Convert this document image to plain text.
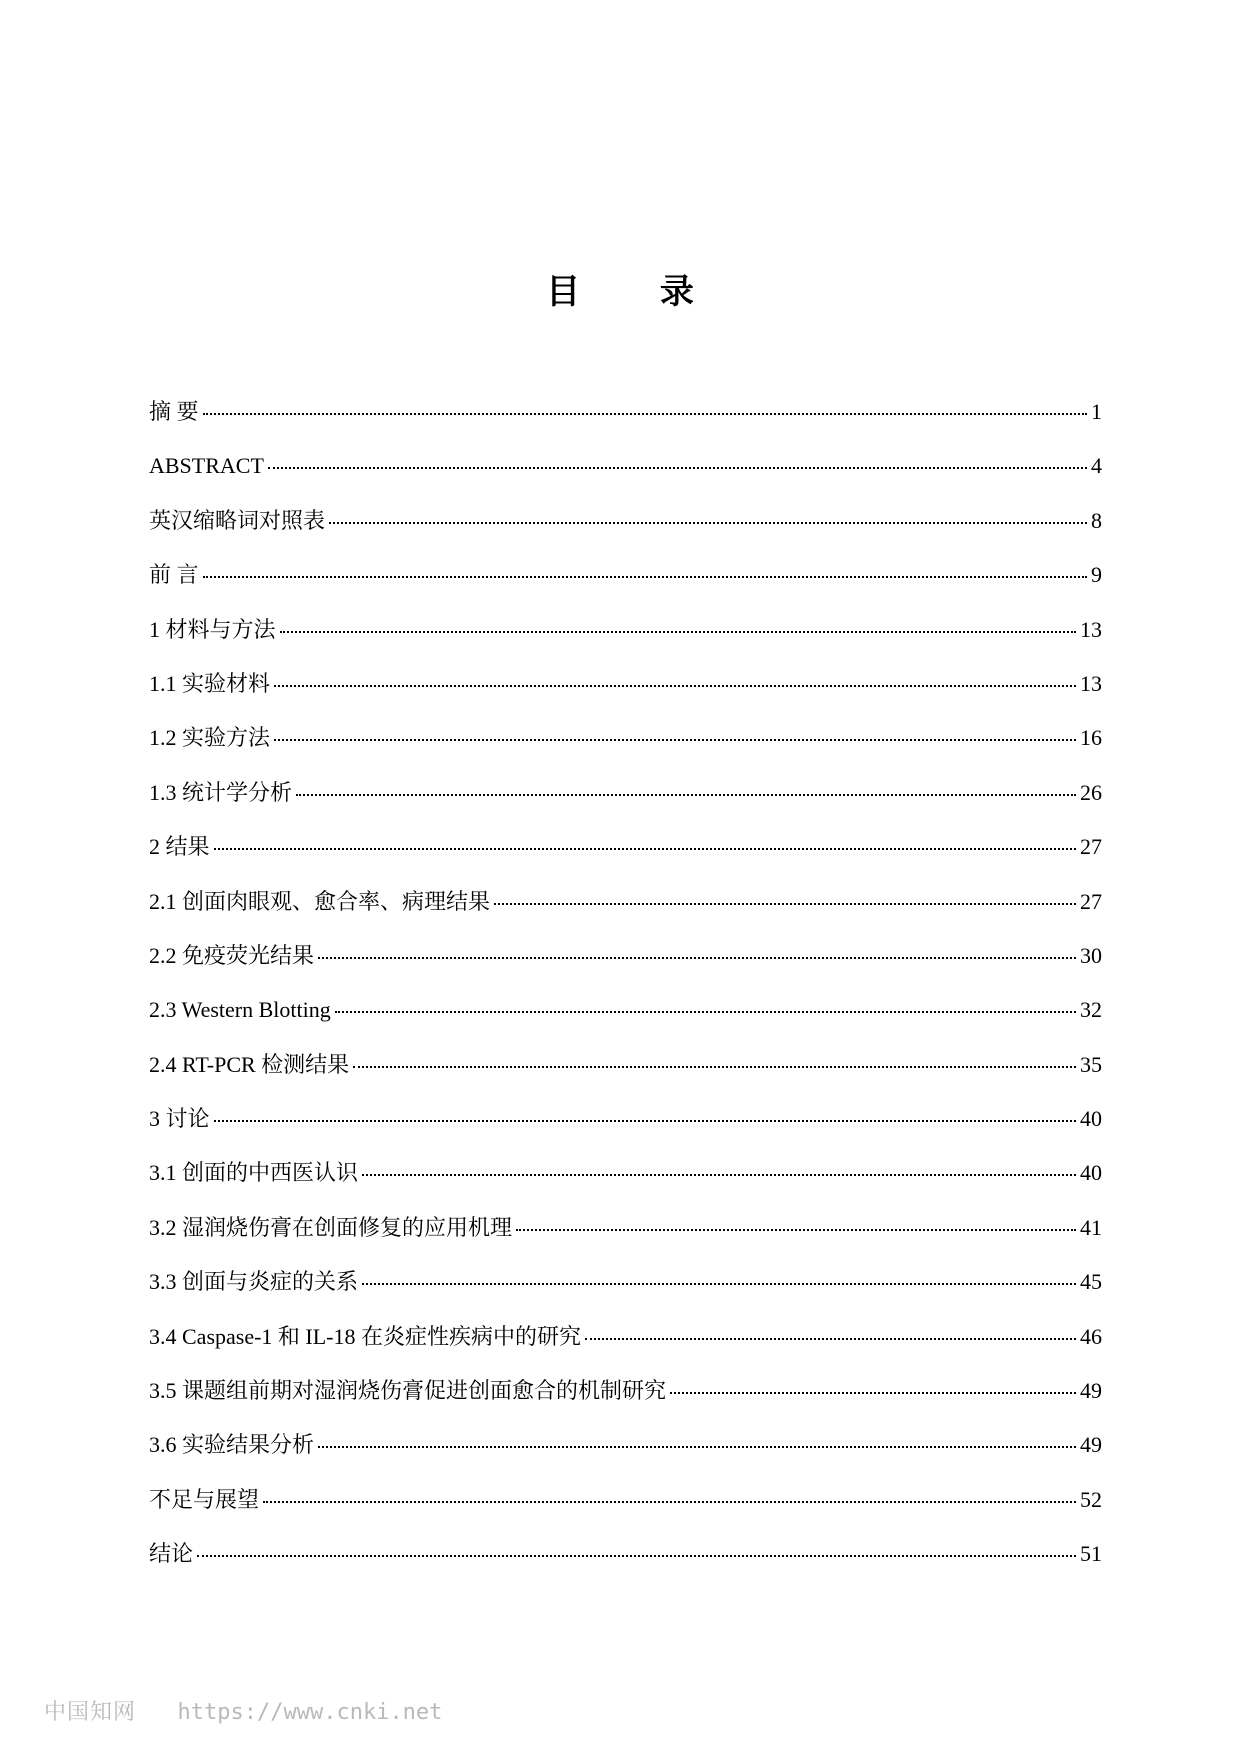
目 录
摘 要	1
ABSTRACT	4
英汉缩略词对照表	8
前 言	9
1 材料与方法	13
1.1 实验材料	13
1.2 实验方法	16
1.3 统计学分析	26
2 结果	27
2.1 创面肉眼观、愈合率、病理结果	27
2.2 免疫荧光结果	30
2.3 Western Blotting	32
2.4 RT-PCR 检测结果	35
3 讨论	40
3.1 创面的中西医认识	40
3.2 湿润烧伤膏在创面修复的应用机理	41
3.3 创面与炎症的关系	45
3.4 Caspase-1 和 IL-18 在炎症性疾病中的研究	46
3.5 课题组前期对湿润烧伤膏促进创面愈合的机制研究	49
3.6 实验结果分析	49
不足与展望	52
结论	51
中国知网 https://www.cnki.net
